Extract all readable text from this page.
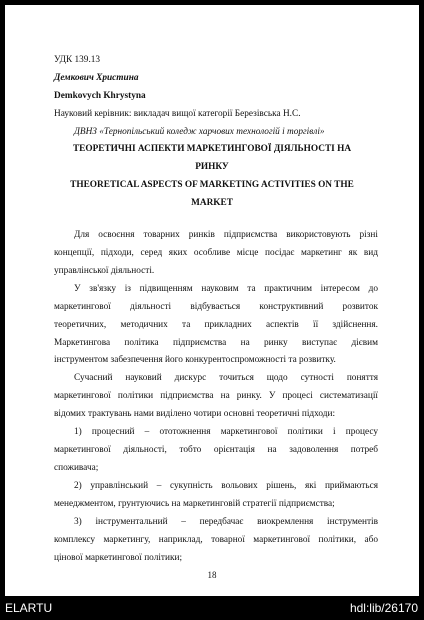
УДК 139.13
Демкович Христина
Demkovych Khrystyna
Науковий керівник: викладач вищої категорії Березівська Н.С.
ДВНЗ «Тернопільський коледж харчових технологій і торгівлі»
ТЕОРЕТИЧНІ АСПЕКТИ МАРКЕТИНГОВОЇ ДІЯЛЬНОСТІ НА
РИНКУ
THEORETICAL ASPECTS OF MARKETING ACTIVITIES ON THE
MARKET
Для освоєння товарних ринків підприємства використовують різні
концепції, підходи, серед яких особливе місце посідає маркетинг як вид
управлінської діяльності.
У зв'язку із підвищенням науковим та практичним інтересом до
маркетингової діяльності відбувається конструктивний розвиток
теоретичних, методичних та прикладних аспектів її здійснення.
Маркетингова політика підприємства на ринку виступає дієвим
інструментом забезпечення його конкурентоспроможності та розвитку.
Сучасний науковий дискурс точиться щодо сутності поняття
маркетингової політики підприємства на ринку. У процесі систематизації
відомих трактувань нами виділено чотири основні теоретичні підходи:
1) процесний – ототожнення маркетингової політики і процесу
маркетингової діяльності, тобто орієнтація на задоволення потреб
споживача;
2) управлінський – сукупність вольових рішень, які приймаються
менеджментом, грунтуючись на маркетинговій стратегії підприємства;
3) інструментальний – передбачає виокремлення інструментів
комплексу маркетингу, наприклад, товарної маркетингової політики, або
цінової маркетингової політики;
18
ELARTU	hdl:lib/26170
